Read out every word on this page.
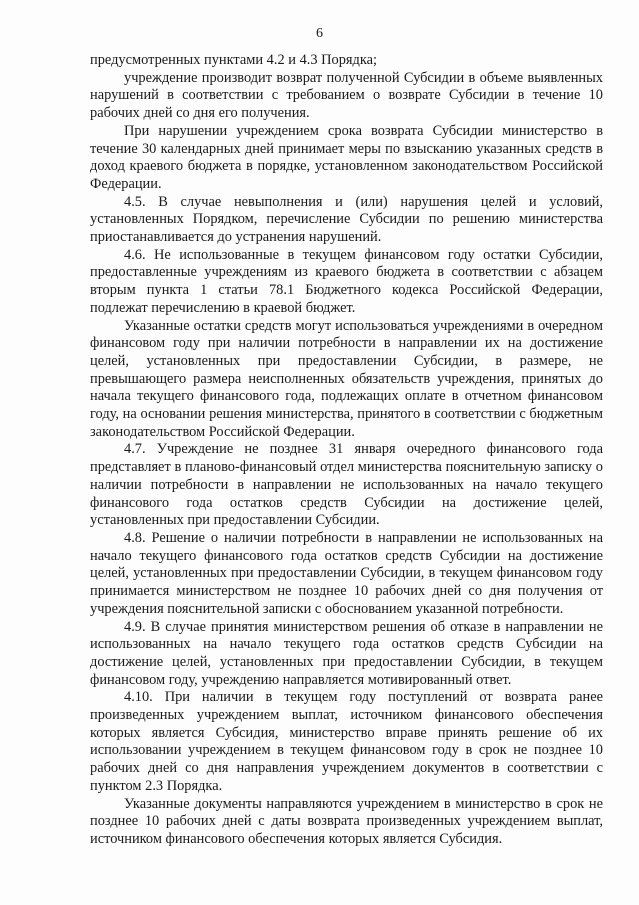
6

предусмотренных пунктами 4.2 и 4.3 Порядка;

учреждение производит возврат полученной Субсидии в объеме выявленных нарушений в соответствии с требованием о возврате Субсидии в течение 10 рабочих дней со дня его получения.

При нарушении учреждением срока возврата Субсидии министерство в течение 30 календарных дней принимает меры по взысканию указанных средств в доход краевого бюджета в порядке, установленном законодательством Российской Федерации.

4.5. В случае невыполнения и (или) нарушения целей и условий, установленных Порядком, перечисление Субсидии по решению министерства приостанавливается до устранения нарушений.

4.6. Не использованные в текущем финансовом году остатки Субсидии, предоставленные учреждениям из краевого бюджета в соответствии с абзацем вторым пункта 1 статьи 78.1 Бюджетного кодекса Российской Федерации, подлежат перечислению в краевой бюджет.

Указанные остатки средств могут использоваться учреждениями в очередном финансовом году при наличии потребности в направлении их на достижение целей, установленных при предоставлении Субсидии, в размере, не превышающего размера неисполненных обязательств учреждения, принятых до начала текущего финансового года, подлежащих оплате в отчетном финансовом году, на основании решения министерства, принятого в соответствии с бюджетным законодательством Российской Федерации.

4.7. Учреждение не позднее 31 января очередного финансового года представляет в планово-финансовый отдел министерства пояснительную записку о наличии потребности в направлении не использованных на начало текущего финансового года остатков средств Субсидии на достижение целей, установленных при предоставлении Субсидии.

4.8. Решение о наличии потребности в направлении не использованных на начало текущего финансового года остатков средств Субсидии на достижение целей, установленных при предоставлении Субсидии, в текущем финансовом году принимается министерством не позднее 10 рабочих дней со дня получения от учреждения пояснительной записки с обоснованием указанной потребности.

4.9. В случае принятия министерством решения об отказе в направлении не использованных на начало текущего года остатков средств Субсидии на достижение целей, установленных при предоставлении Субсидии, в текущем финансовом году, учреждению направляется мотивированный ответ.

4.10. При наличии в текущем году поступлений от возврата ранее произведенных учреждением выплат, источником финансового обеспечения которых является Субсидия, министерство вправе принять решение об их использовании учреждением в текущем финансовом году в срок не позднее 10 рабочих дней со дня направления учреждением документов в соответствии с пунктом 2.3 Порядка.

Указанные документы направляются учреждением в министерство в срок не позднее 10 рабочих дней с даты возврата произведенных учреждением выплат, источником финансового обеспечения которых является Субсидия.
